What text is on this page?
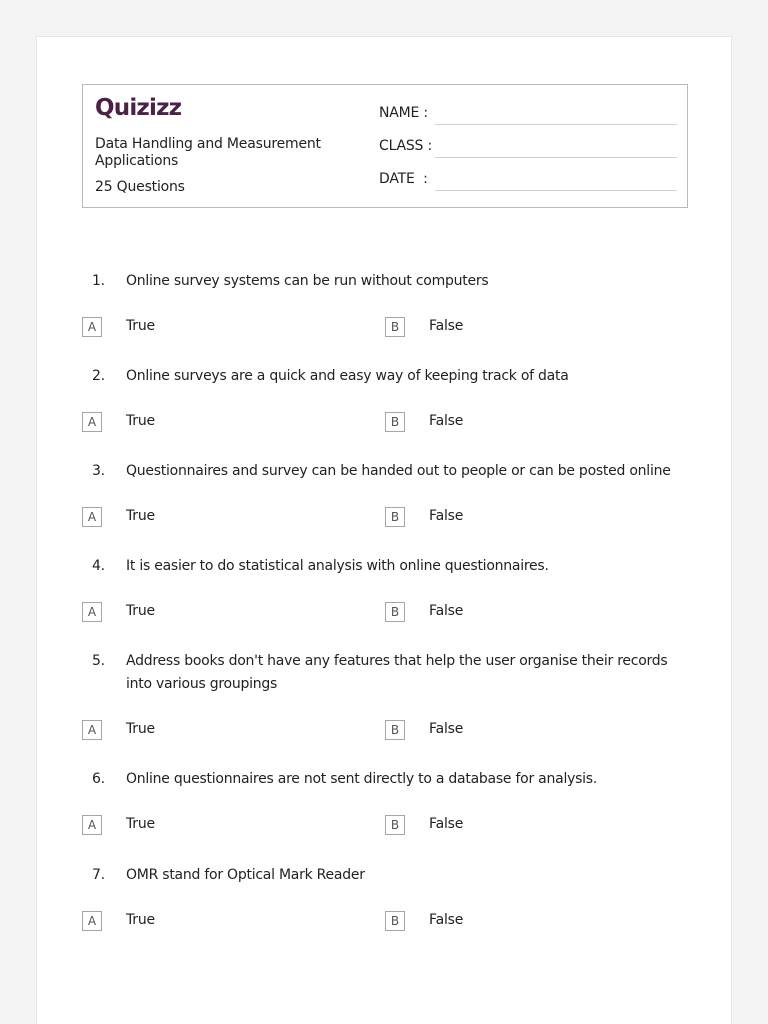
Quizizz
Data Handling and Measurement Applications
25 Questions
NAME :
CLASS :
DATE  :
1.	Online survey systems can be run without computers
A	True	B	False
2.	Online surveys are a quick and easy way of keeping track of data
A	True	B	False
3.	Questionnaires and survey can be handed out to people or can be posted online
A	True	B	False
4.	It is easier to do statistical analysis with online questionnaires.
A	True	B	False
5.	Address books don't have any features that help the user organise their records into various groupings
A	True	B	False
6.	Online questionnaires are not sent directly to a database for analysis.
A	True	B	False
7.	OMR stand for Optical Mark Reader
A	True	B	False
